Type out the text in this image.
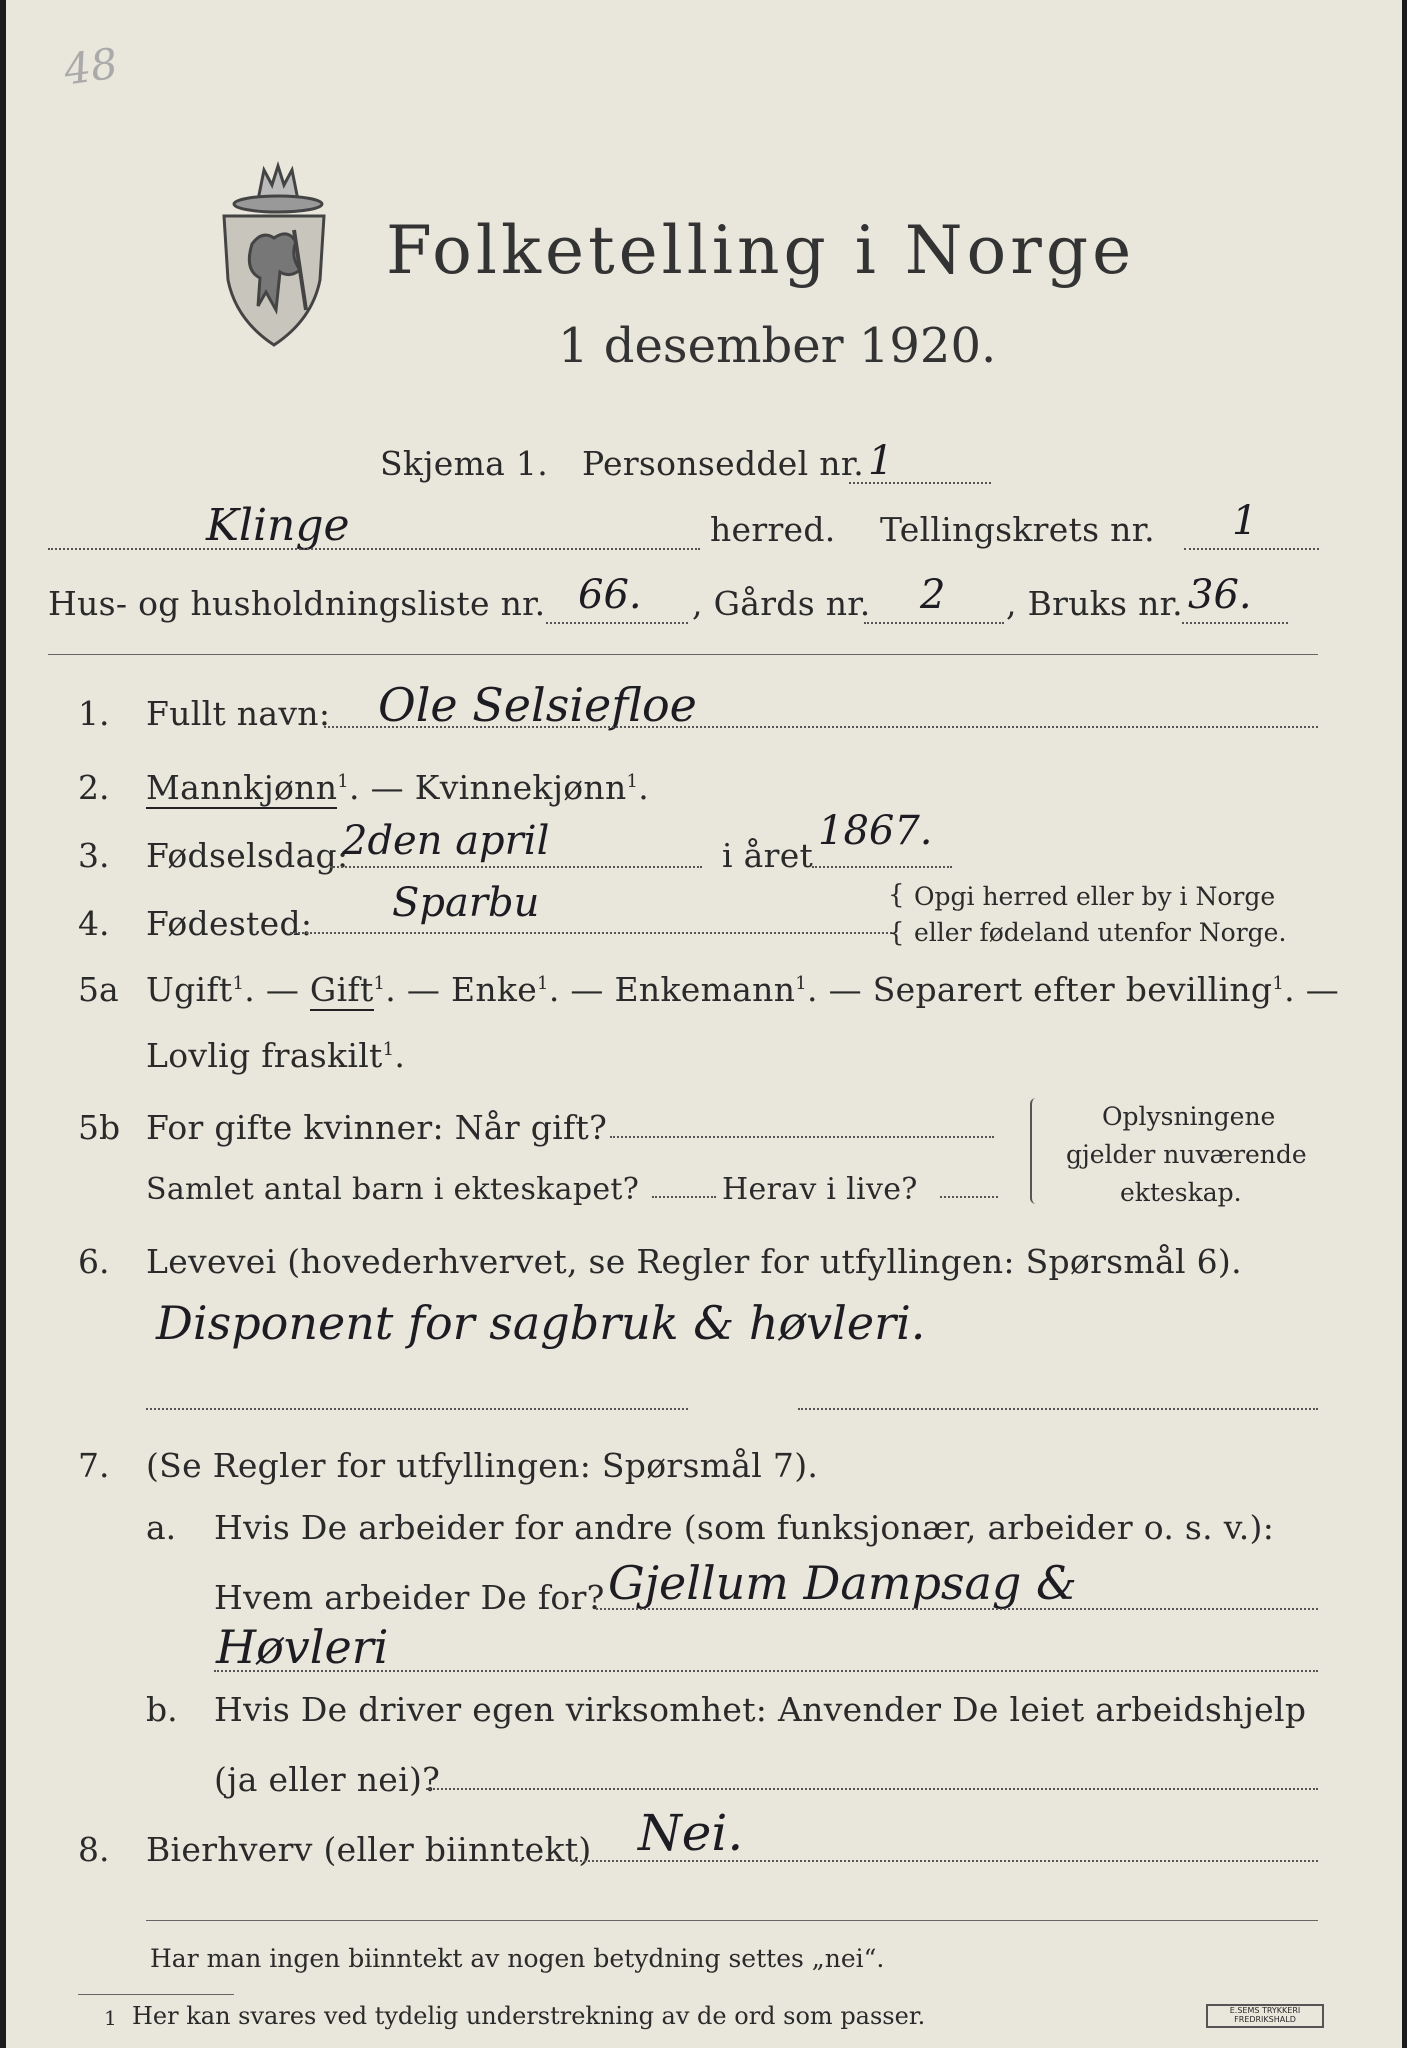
48
Folketelling i Norge
1 desember 1920.
Skjema 1. Personseddel nr. 1
Klinge	herred. Tellingskrets nr. 1
Hus- og husholdningsliste nr. 66. , Gårds nr. 2 , Bruks nr. 36.
1. Fullt navn: Ole Selsiefloe
2. Mannkjønn$^1$. — Kvinnekjønn$^1$.
3. Fødselsdag:
2den april	i året
1867.
4. Fødested: Sparbu	{ Opgi herred eller by i Norge
{ eller fødeland utenfor Norge.
5a Ugift$^1$. — Gift$^1$. — Enke$^1$. — Enkemann$^1$. — Separert efter bevilling$^1$. —
Lovlig fraskilt$^1$.
5b For gifte kvinner: Når gift?
Samlet antal barn i ekteskapet?	Herav i live?
Oplysningene
gjelder nuværende
ekteskap.
6. Levevei (hovederhvervet, se Regler for utfyllingen: Spørsmål 6).
Disponent for sagbruk & høvleri.
7. (Se Regler for utfyllingen: Spørsmål 7).
a. Hvis De arbeider for andre (som funksjonær, arbeider o. s. v.):
Hvem arbeider De for? Gjellum Dampsag &
Høvleri
b. Hvis De driver egen virksomhet: Anvender De leiet arbeidshjelp
(ja eller nei)?
8. Bierhverv (eller biinntekt) Nei.
Har man ingen biinntekt av nogen betydning settes „nei“.
1 Her kan svares ved tydelig understrekning av de ord som passer.	E.SEMS TRYKKERI
FREDRIKSHALD
